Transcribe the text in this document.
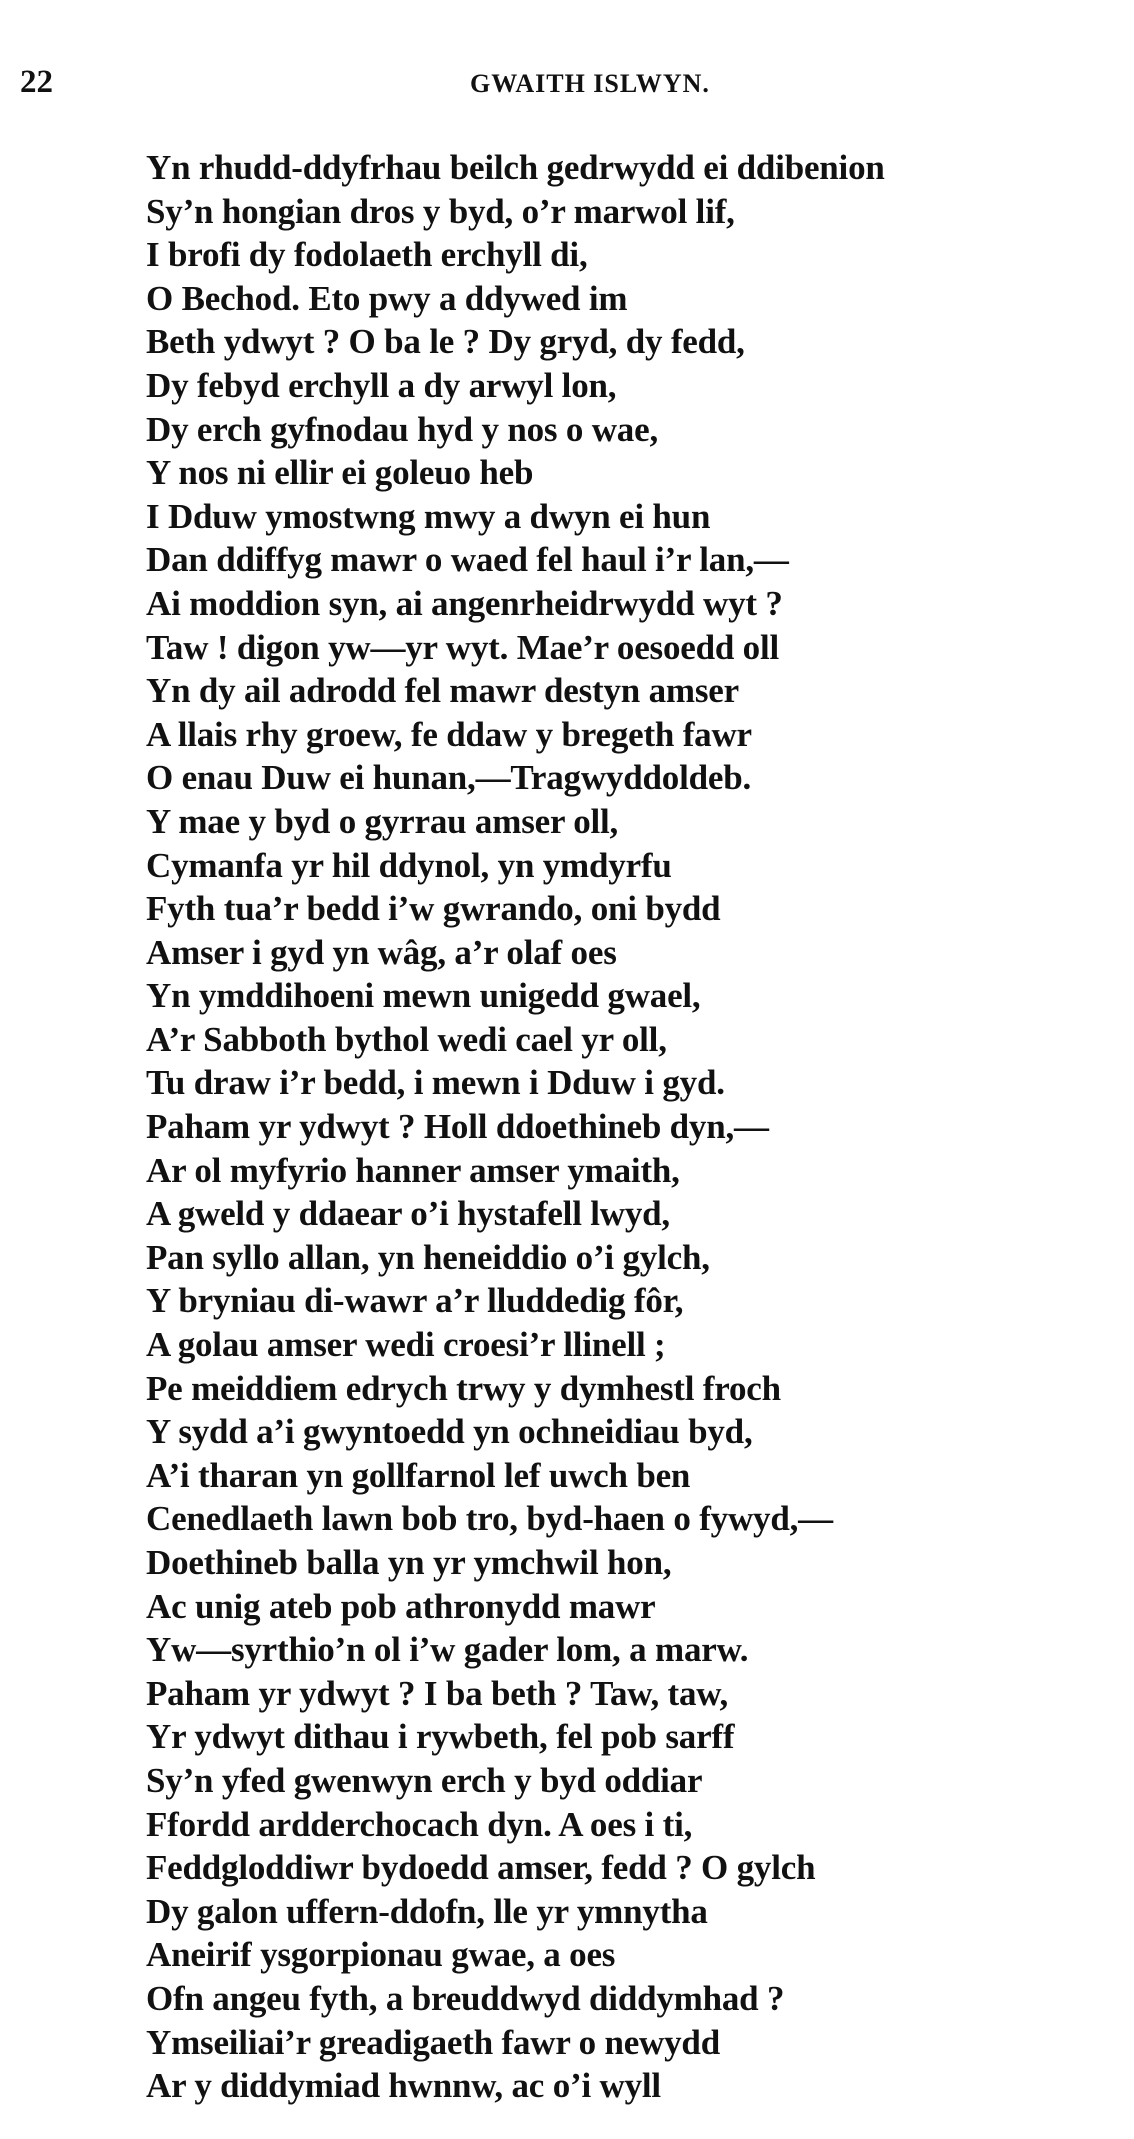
22	GWAITH ISLWYN.
Yn rhudd-ddyfrhau beilch gedrwydd ei ddibenion
Sy’n hongian dros y byd, o’r marwol lif,
I brofi dy fodolaeth erchyll di,
O Bechod. Eto pwy a ddywed im
Beth ydwyt ? O ba le ? Dy gryd, dy fedd,
Dy febyd erchyll a dy arwyl lon,
Dy erch gyfnodau hyd y nos o wae,
Y nos ni ellir ei goleuo heb
I Dduw ymostwng mwy a dwyn ei hun
Dan ddiffyg mawr o waed fel haul i’r lan,—
Ai moddion syn, ai angenrheidrwydd wyt ?
Taw ! digon yw—yr wyt. Mae’r oesoedd oll
Yn dy ail adrodd fel mawr destyn amser
A llais rhy groew, fe ddaw y bregeth fawr
O enau Duw ei hunan,—Tragwyddoldeb.
Y mae y byd o gyrrau amser oll,
Cymanfa yr hil ddynol, yn ymdyrfu
Fyth tua’r bedd i’w gwrando, oni bydd
Amser i gyd yn wâg, a’r olaf oes
Yn ymddihoeni mewn unigedd gwael,
A’r Sabboth bythol wedi cael yr oll,
Tu draw i’r bedd, i mewn i Dduw i gyd.
Paham yr ydwyt ? Holl ddoethineb dyn,—
Ar ol myfyrio hanner amser ymaith,
A gweld y ddaear o’i hystafell lwyd,
Pan syllo allan, yn heneiddio o’i gylch,
Y bryniau di-wawr a’r lluddedig fôr,
A golau amser wedi croesi’r llinell ;
Pe meiddiem edrych trwy y dymhestl froch
Y sydd a’i gwyntoedd yn ochneidiau byd,
A’i tharan yn gollfarnol lef uwch ben
Cenedlaeth lawn bob tro, byd-haen o fywyd,—
Doethineb balla yn yr ymchwil hon,
Ac unig ateb pob athronydd mawr
Yw—syrthio’n ol i’w gader lom, a marw.
Paham yr ydwyt ? I ba beth ? Taw, taw,
Yr ydwyt dithau i rywbeth, fel pob sarff
Sy’n yfed gwenwyn erch y byd oddiar
Ffordd ardderchocach dyn. A oes i ti,
Feddgloddiwr bydoedd amser, fedd ? O gylch
Dy galon uffern-ddofn, lle yr ymnytha
Aneirif ysgorpionau gwae, a oes
Ofn angeu fyth, a breuddwyd diddymhad ?
Ymseiliai’r greadigaeth fawr o newydd
Ar y diddymiad hwnnw, ac o’i wyll
